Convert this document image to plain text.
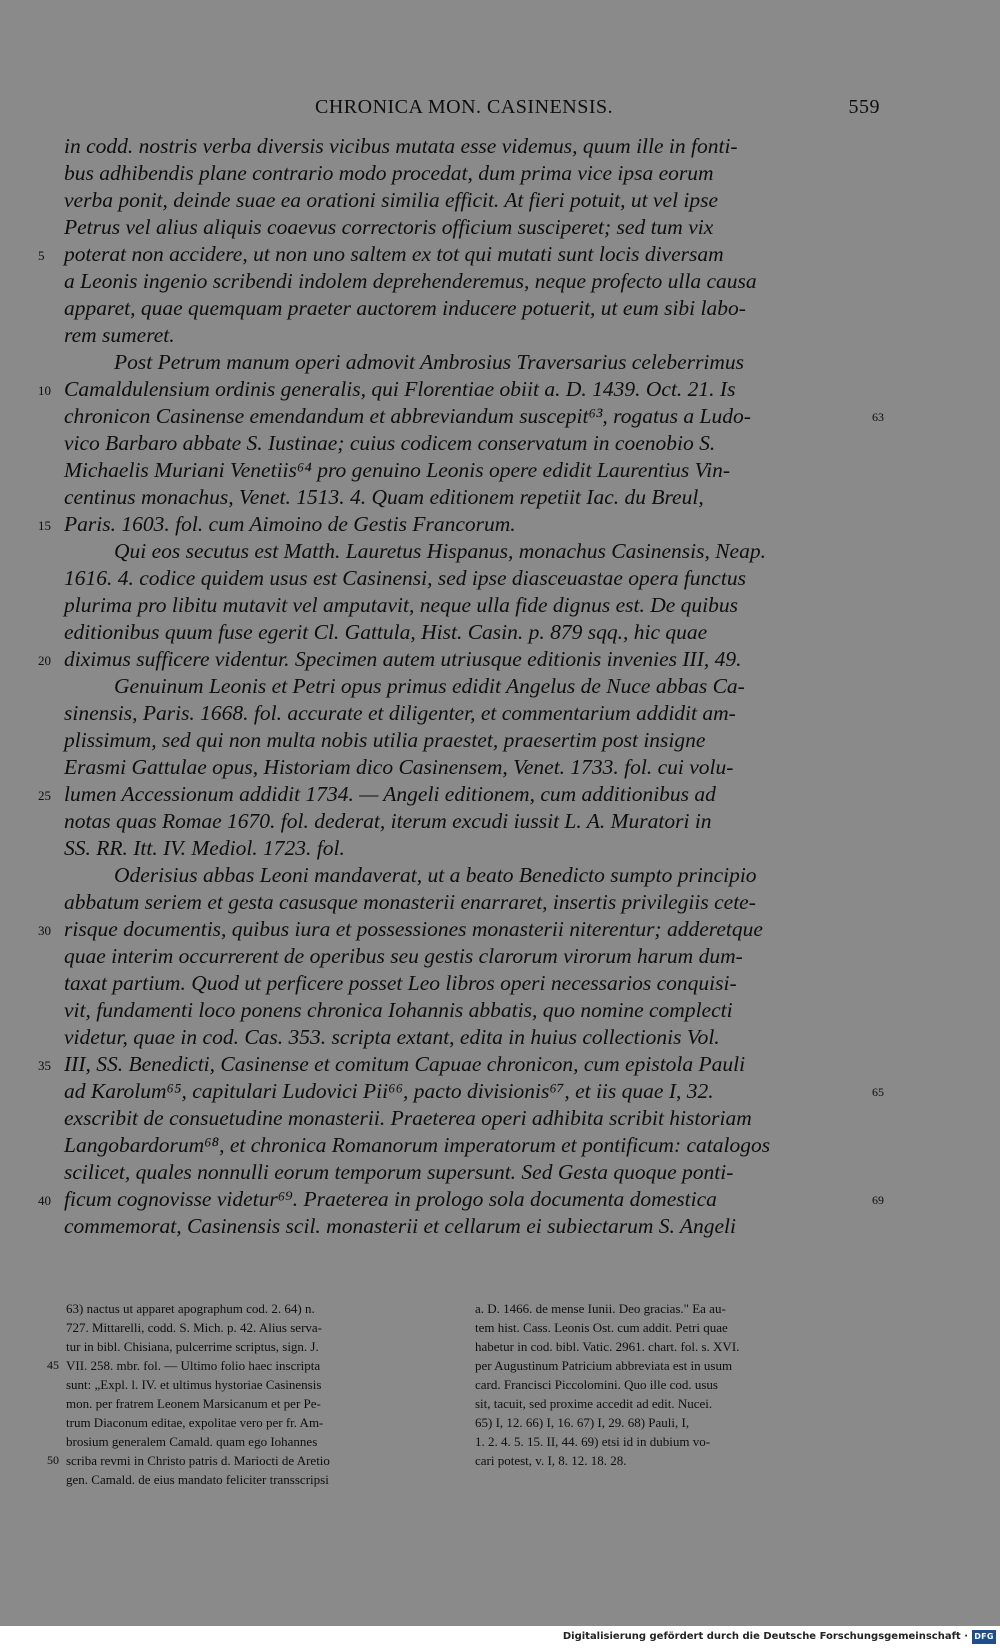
CHRONICA MON. CASINENSIS.	559
in codd. nostris verba diversis vicibus mutata esse videmus, quum ille in fonti-
bus adhibendis plane contrario modo procedat, dum prima vice ipsa eorum
verba ponit, deinde suae ea orationi similia efficit. At fieri potuit, ut vel ipse
Petrus vel alius aliquis coaevus correctoris officium susciperet; sed tum vix
poterat non accidere, ut non uno saltem ex tot qui mutati sunt locis diversam
a Leonis ingenio scribendi indolem deprehenderemus, neque profecto ulla causa
apparet, quae quemquam praeter auctorem inducere potuerit, ut eum sibi labo-
rem sumeret.
Post Petrum manum operi admovit Ambrosius Traversarius celeberrimus
Camaldulensium ordinis generalis, qui Florentiae obiit a. D. 1439. Oct. 21. Is
chronicon Casinense emendandum et abbreviandum suscepit⁶³, rogatus a Ludo-
vico Barbaro abbate S. Iustinae; cuius codicem conservatum in coenobio S.
Michaelis Muriani Venetiis⁶⁴ pro genuino Leonis opere edidit Laurentius Vin-
centinus monachus, Venet. 1513. 4. Quam editionem repetiit Iac. du Breul,
Paris. 1603. fol. cum Aimoino de Gestis Francorum.
Qui eos secutus est Matth. Lauretus Hispanus, monachus Casinensis, Neap.
1616. 4. codice quidem usus est Casinensi, sed ipse diasceuastae opera functus
plurima pro libitu mutavit vel amputavit, neque ulla fide dignus est. De quibus
editionibus quum fuse egerit Cl. Gattula, Hist. Casin. p. 879 sqq., hic quae
diximus sufficere videntur. Specimen autem utriusque editionis invenies III, 49.
Genuinum Leonis et Petri opus primus edidit Angelus de Nuce abbas Ca-
sinensis, Paris. 1668. fol. accurate et diligenter, et commentarium addidit am-
plissimum, sed qui non multa nobis utilia praestet, praesertim post insigne
Erasmi Gattulae opus, Historiam dico Casinensem, Venet. 1733. fol. cui volu-
lumen Accessionum addidit 1734. — Angeli editionem, cum additionibus ad
notas quas Romae 1670. fol. dederat, iterum excudi iussit L. A. Muratori in
SS. RR. Itt. IV. Mediol. 1723. fol.
Oderisius abbas Leoni mandaverat, ut a beato Benedicto sumpto principio
abbatum seriem et gesta casusque monasterii enarraret, insertis privilegiis cete-
risque documentis, quibus iura et possessiones monasterii niterentur; adderetque
quae interim occurrerent de operibus seu gestis clarorum virorum harum dum-
taxat partium. Quod ut perficere posset Leo libros operi necessarios conquisi-
vit, fundamenti loco ponens chronica Iohannis abbatis, quo nomine complecti
videtur, quae in cod. Cas. 353. scripta extant, edita in huius collectionis Vol.
III, SS. Benedicti, Casinense et comitum Capuae chronicon, cum epistola Pauli
ad Karolum⁶⁵, capitulari Ludovici Pii⁶⁶, pacto divisionis⁶⁷, et iis quae I, 32.
exscribit de consuetudine monasterii. Praeterea operi adhibita scribit historiam
Langobardorum⁶⁸, et chronica Romanorum imperatorum et pontificum: catalogos
scilicet, quales nonnulli eorum temporum supersunt. Sed Gesta quoque ponti-
ficum cognovisse videtur⁶⁹. Praeterea in prologo sola documenta domestica
commemorat, Casinensis scil. monasterii et cellarum ei subiectarum S. Angeli
5
10
15
20
25
30
35
40
63
65
69
63) nactus ut apparet apographum cod. 2. 64) n.
727. Mittarelli, codd. S. Mich. p. 42. Alius serva-
tur in bibl. Chisiana, pulcerrime scriptus, sign. J.
VII. 258. mbr. fol. — Ultimo folio haec inscripta
sunt: „Expl. l. IV. et ultimus hystoriae Casinensis
mon. per fratrem Leonem Marsicanum et per Pe-
trum Diaconum editae, expolitae vero per fr. Am-
brosium generalem Camald. quam ego Iohannes
scriba revmi in Christo patris d. Mariocti de Aretio
gen. Camald. de eius mandato feliciter transscripsi
a. D. 1466. de mense Iunii. Deo gracias." Ea au-
tem hist. Cass. Leonis Ost. cum addit. Petri quae
habetur in cod. bibl. Vatic. 2961. chart. fol. s. XVI.
per Augustinum Patricium abbreviata est in usum
card. Francisci Piccolomini. Quo ille cod. usus
sit, tacuit, sed proxime accedit ad edit. Nucei.
65) I, 12. 66) I, 16. 67) I, 29. 68) Pauli, I,
1. 2. 4. 5. 15. II, 44. 69) etsi id in dubium vo-
cari potest, v. I, 8. 12. 18. 28.
45
50
Digitalisierung gefördert durch die Deutsche Forschungsgemeinschaft · DFG
